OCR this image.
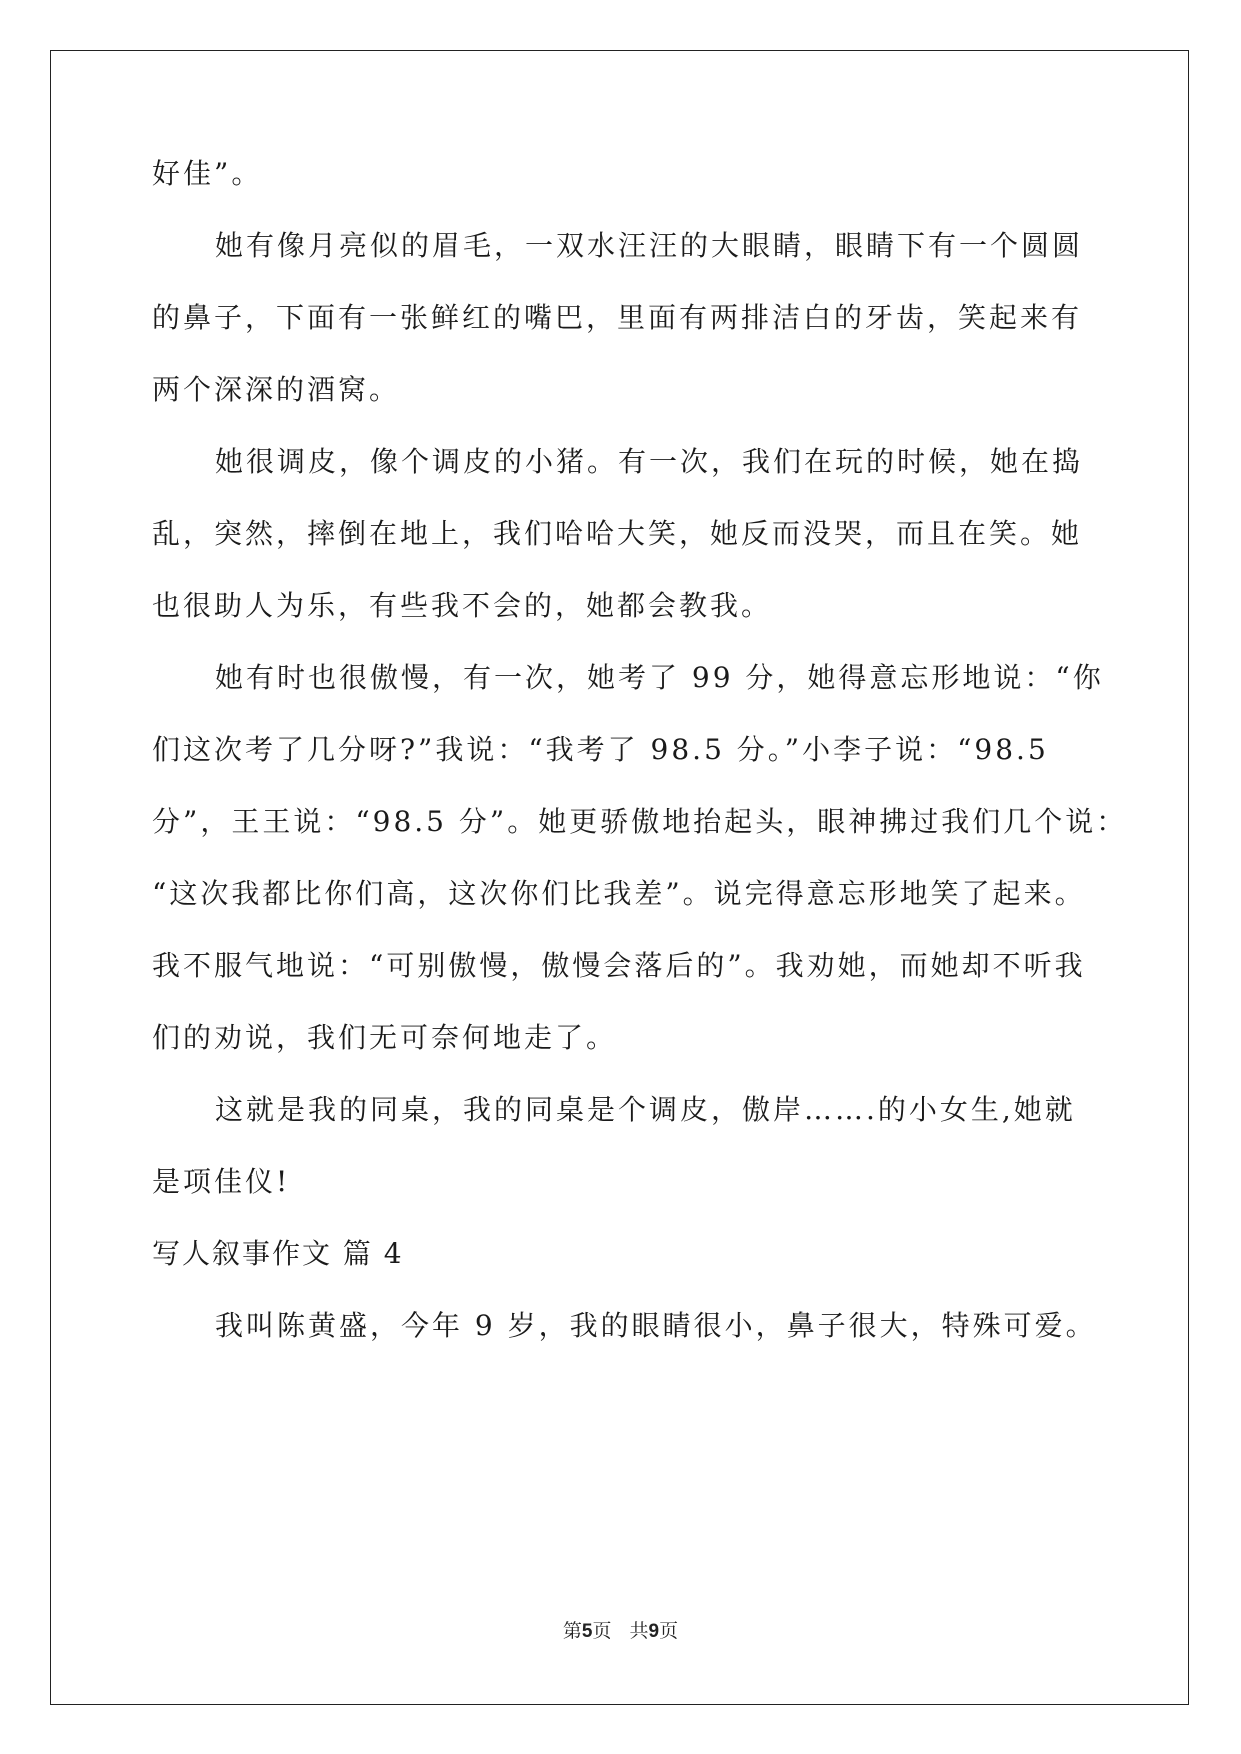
好佳”。
她有像月亮似的眉毛，一双水汪汪的大眼睛，眼睛下有一个圆圆
的鼻子，下面有一张鲜红的嘴巴，里面有两排洁白的牙齿，笑起来有
两个深深的酒窝。
她很调皮，像个调皮的小猪。有一次，我们在玩的时候，她在捣
乱，突然，摔倒在地上，我们哈哈大笑，她反而没哭，而且在笑。她
也很助人为乐，有些我不会的，她都会教我。
她有时也很傲慢，有一次，她考了 99 分，她得意忘形地说：“你
们这次考了几分呀?”我说：“我考了 98.5 分。”小李子说：“98.5
分”，王王说：“98.5 分”。她更骄傲地抬起头，眼神拂过我们几个说：
“这次我都比你们高，这次你们比我差”。说完得意忘形地笑了起来。
我不服气地说：“可别傲慢，傲慢会落后的”。我劝她，而她却不听我
们的劝说，我们无可奈何地走了。
这就是我的同桌，我的同桌是个调皮，傲岸…….的小女生,她就
是项佳仪!
写人叙事作文 篇 4
我叫陈黄盛，今年 9 岁，我的眼睛很小，鼻子很大，特殊可爱。
第5页 共9页
